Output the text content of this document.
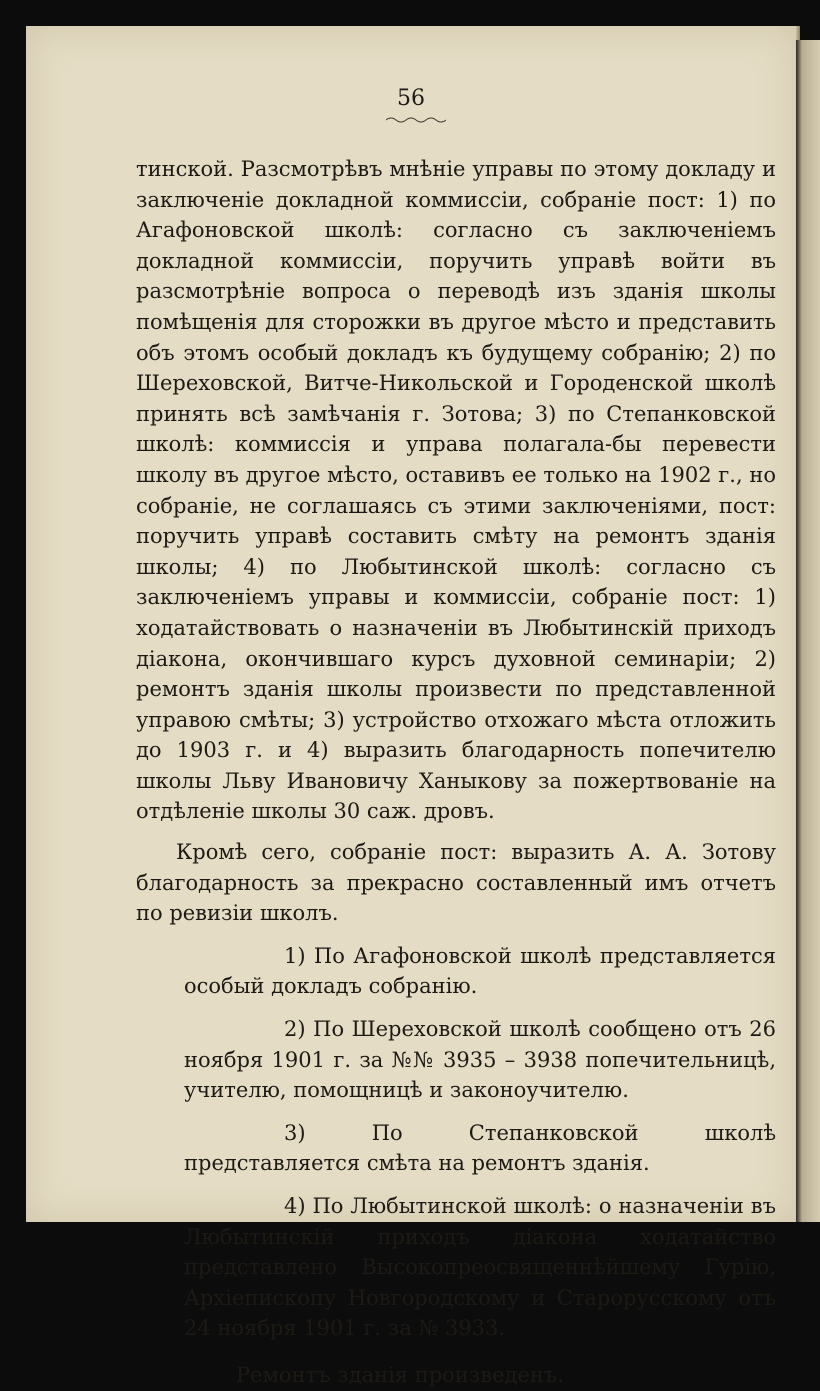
56

тинской. Разсмотрѣвъ мнѣніе управы по этому докладу и заключеніе докладной коммиссіи, собраніе пост: 1) по Агафоновской школѣ: согласно съ заключеніемъ докладной коммиссіи, поручить управѣ войти въ разсмотрѣніе вопроса о переводѣ изъ зданія школы помѣщенія для сторожки въ другое мѣсто и представить объ этомъ особый докладъ къ будущему собранію; 2) по Шереховской, Витче-Никольской и Городенской школѣ принять всѣ замѣчанія г. Зотова; 3) по Степанковской школѣ: коммиссія и управа полагала-бы перевести школу въ другое мѣсто, оставивъ ее только на 1902 г., но собраніе, не соглашаясь съ этими заключеніями, пост: поручить управѣ составить смѣту на ремонтъ зданія школы; 4) по Любытинской школѣ: согласно съ заключеніемъ управы и коммиссіи, собраніе пост: 1) ходатайствовать о назначеніи въ Любытинскій приходъ діакона, окончившаго курсъ духовной семинаріи; 2) ремонтъ зданія школы произвести по представленной управою смѣты; 3) устройство отхожаго мѣста отложить до 1903 г. и 4) выразить благодарность попечителю школы Льву Ивановичу Ханыкову за пожертвованіе на отдѣленіе школы 30 саж. дровъ.

Кромѣ сего, собраніе пост: выразить А. А. Зотову благодарность за прекрасно составленный имъ отчетъ по ревизіи школъ.

1) По Агафоновской школѣ представляется особый докладъ собранію.

2) По Шереховской школѣ сообщено отъ 26 ноября 1901 г. за №№ 3935 – 3938 попечительницѣ, учителю, помощницѣ и законоучителю.

3) По Степанковской школѣ представляется смѣта на ремонтъ зданія.

4) По Любытинской школѣ: о назначеніи въ Любытинскій приходъ діакона ходатайство представлено Высокопреосвященнѣйшему Гурію, Архіепископу Новгородскому и Старорусскому отъ 24 ноября 1901 г. за № 3933.

Ремонтъ зданія произведенъ.
